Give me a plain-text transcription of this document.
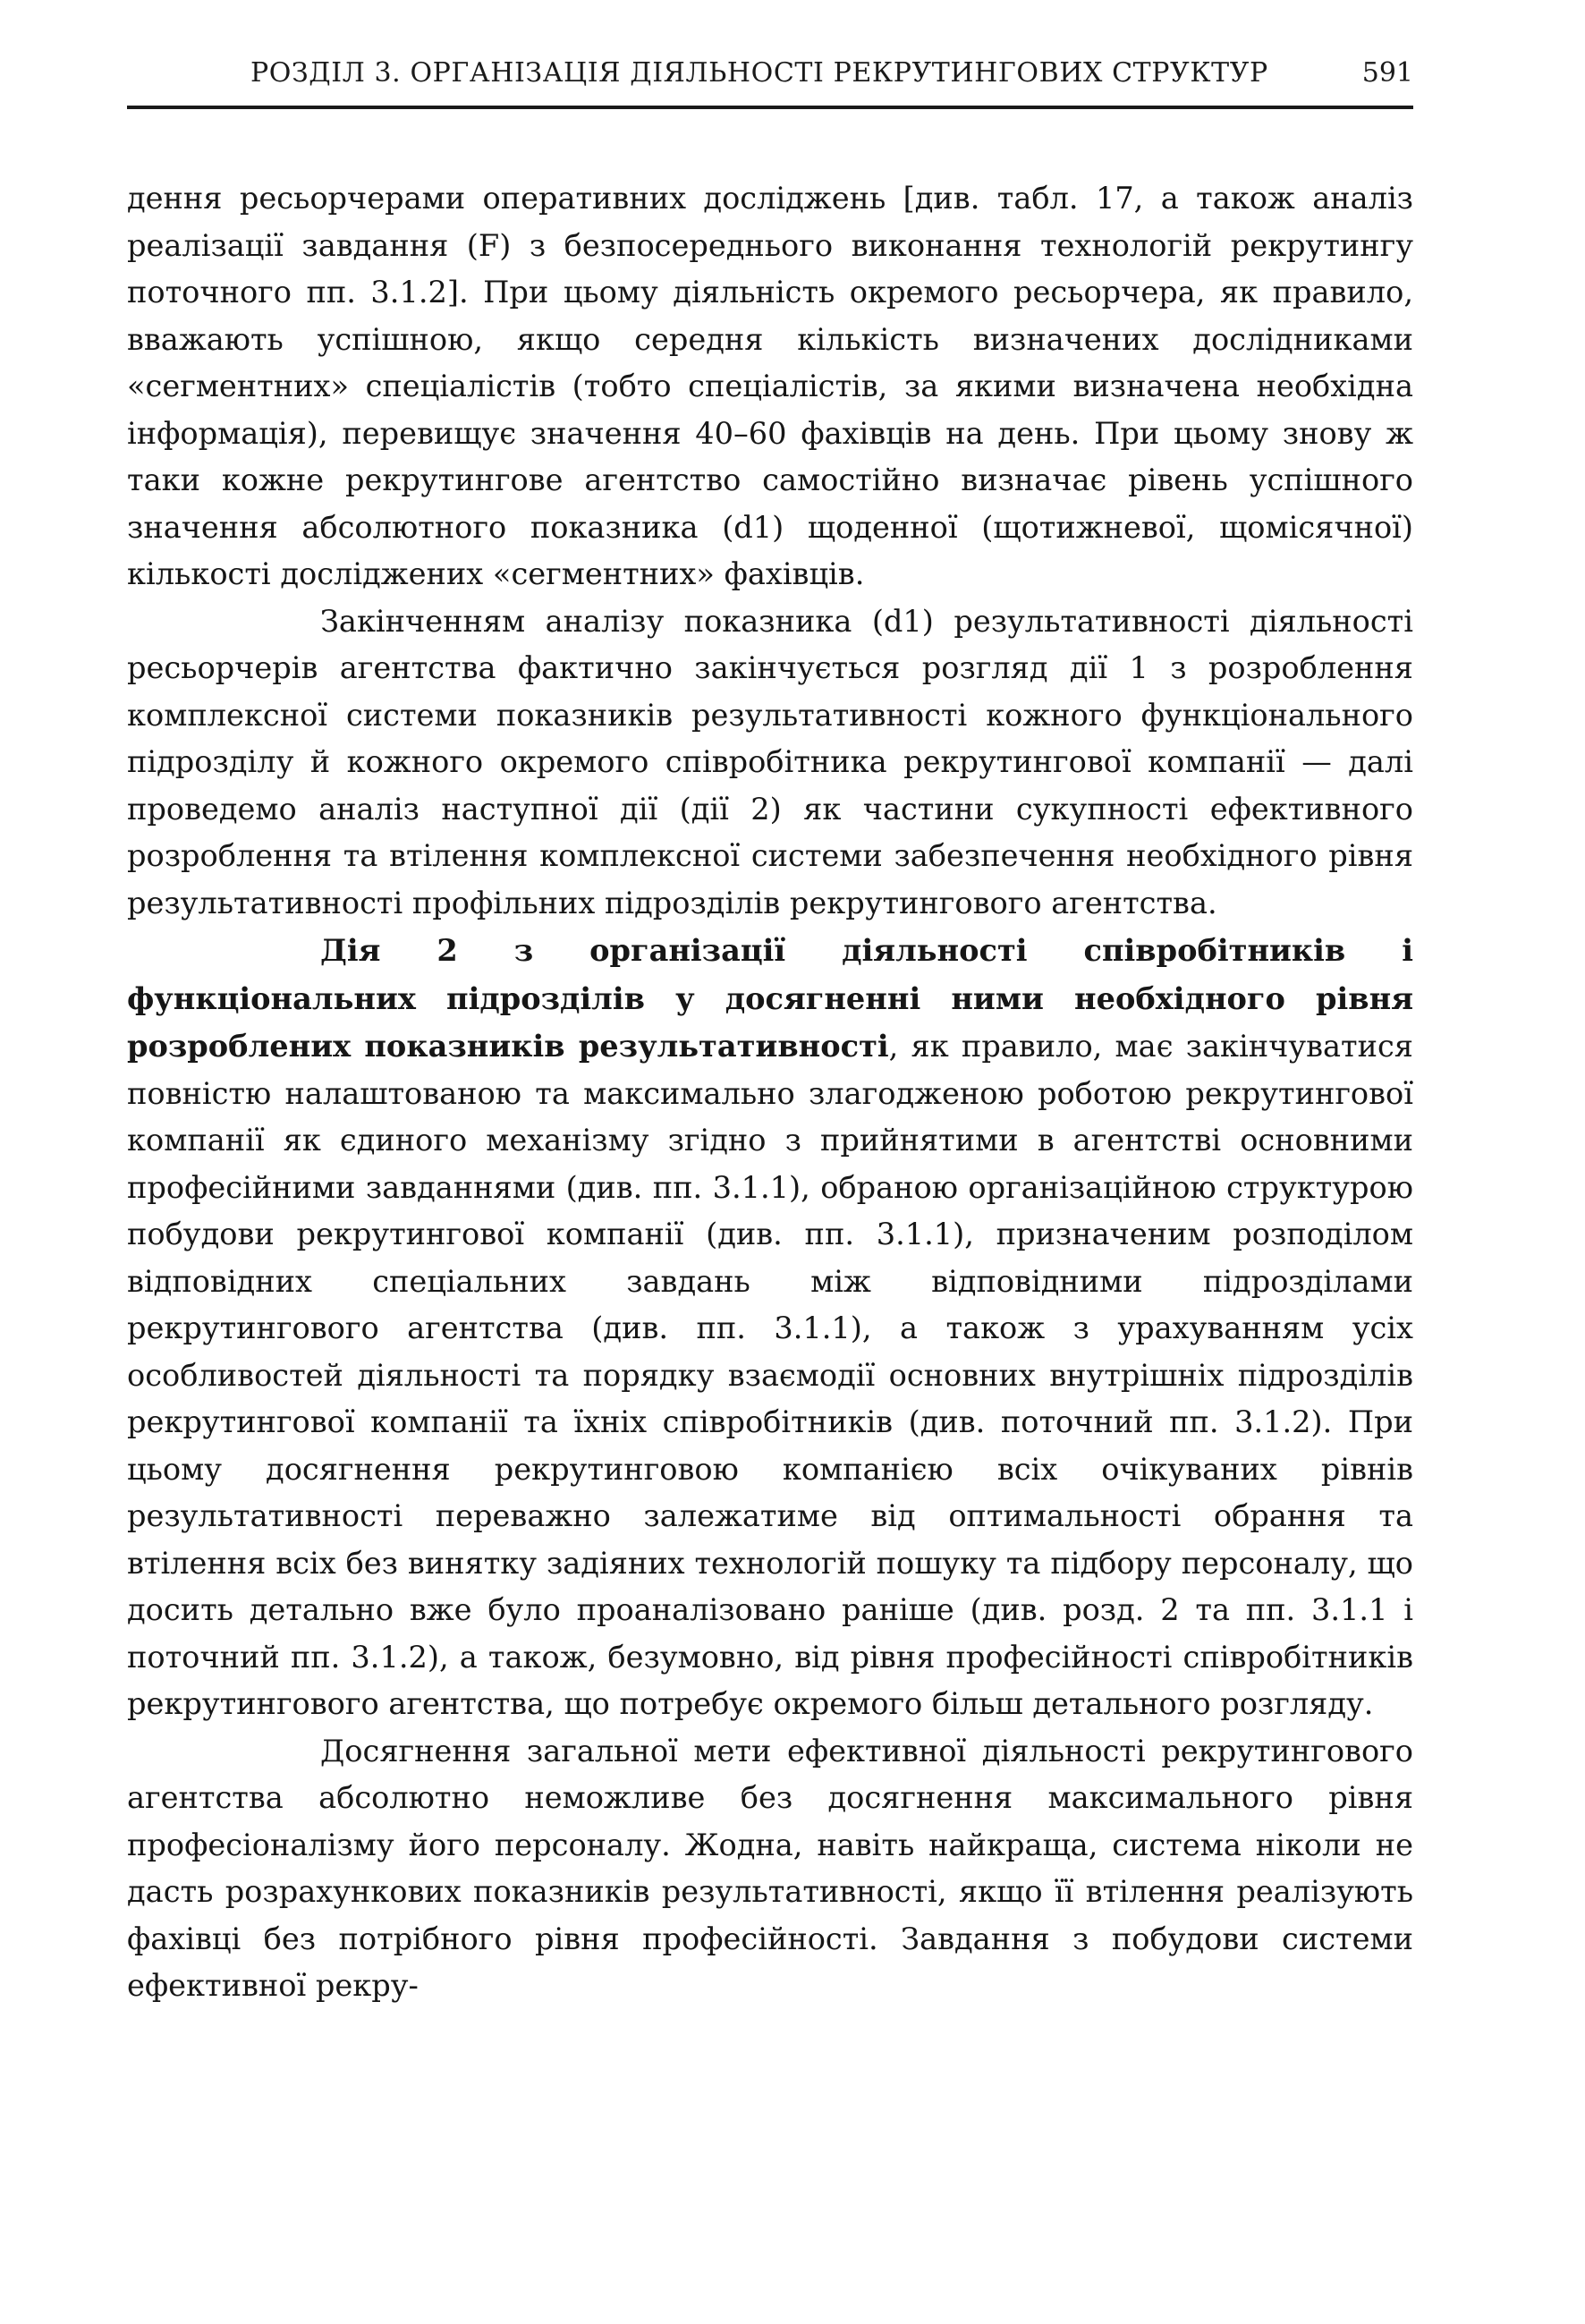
РОЗДІЛ 3. ОРГАНІЗАЦІЯ ДІЯЛЬНОСТІ РЕКРУТИНГОВИХ СТРУКТУР	591

дення ресьорчерами оперативних досліджень [див. табл. 17, а також аналіз реалізації завдання (F) з безпосереднього виконання технологій рекрутингу поточного пп. 3.1.2]. При цьому діяльність окремого ресьорчера, як правило, вважають успішною, якщо середня кількість визначених дослідниками «сегментних» спеціалістів (тобто спеціалістів, за якими визначена необхідна інформація), перевищує значення 40–60 фахівців на день. При цьому знову ж таки кожне рекрутингове агентство самостійно визначає рівень успішного значення абсолютного показника (d1) щоденної (щотижневої, щомісячної) кількості досліджених «сегментних» фахівців.

Закінченням аналізу показника (d1) результативності діяльності ресьорчерів агентства фактично закінчується розгляд дії 1 з розроблення комплексної системи показників результативності кожного функціонального підрозділу й кожного окремого співробітника рекрутингової компанії — далі проведемо аналіз наступної дії (дії 2) як частини сукупності ефективного розроблення та втілення комплексної системи забезпечення необхідного рівня результативності профільних підрозділів рекрутингового агентства.

Дія 2 з організації діяльності співробітників і функціональних підрозділів у досягненні ними необхідного рівня розроблених показників результативності, як правило, має закінчуватися повністю налаштованою та максимально злагодженою роботою рекрутингової компанії як єдиного механізму згідно з прийнятими в агентстві основними професійними завданнями (див. пп. 3.1.1), обраною організаційною структурою побудови рекрутингової компанії (див. пп. 3.1.1), призначеним розподілом відповідних спеціальних завдань між відповідними підрозділами рекрутингового агентства (див. пп. 3.1.1), а також з урахуванням усіх особливостей діяльності та порядку взаємодії основних внутрішніх підрозділів рекрутингової компанії та їхніх співробітників (див. поточний пп. 3.1.2). При цьому досягнення рекрутинговою компанією всіх очікуваних рівнів результативності переважно залежатиме від оптимальності обрання та втілення всіх без винятку задіяних технологій пошуку та підбору персоналу, що досить детально вже було проаналізовано раніше (див. розд. 2 та пп. 3.1.1 і поточний пп. 3.1.2), а також, безумовно, від рівня професійності співробітників рекрутингового агентства, що потребує окремого більш детального розгляду.

Досягнення загальної мети ефективної діяльності рекрутингового агентства абсолютно неможливе без досягнення максимального рівня професіоналізму його персоналу. Жодна, навіть найкраща, система ніколи не дасть розрахункових показників результативності, якщо її втілення реалізують фахівці без потрібного рівня професійності. Завдання з побудови системи ефективної рекру-
